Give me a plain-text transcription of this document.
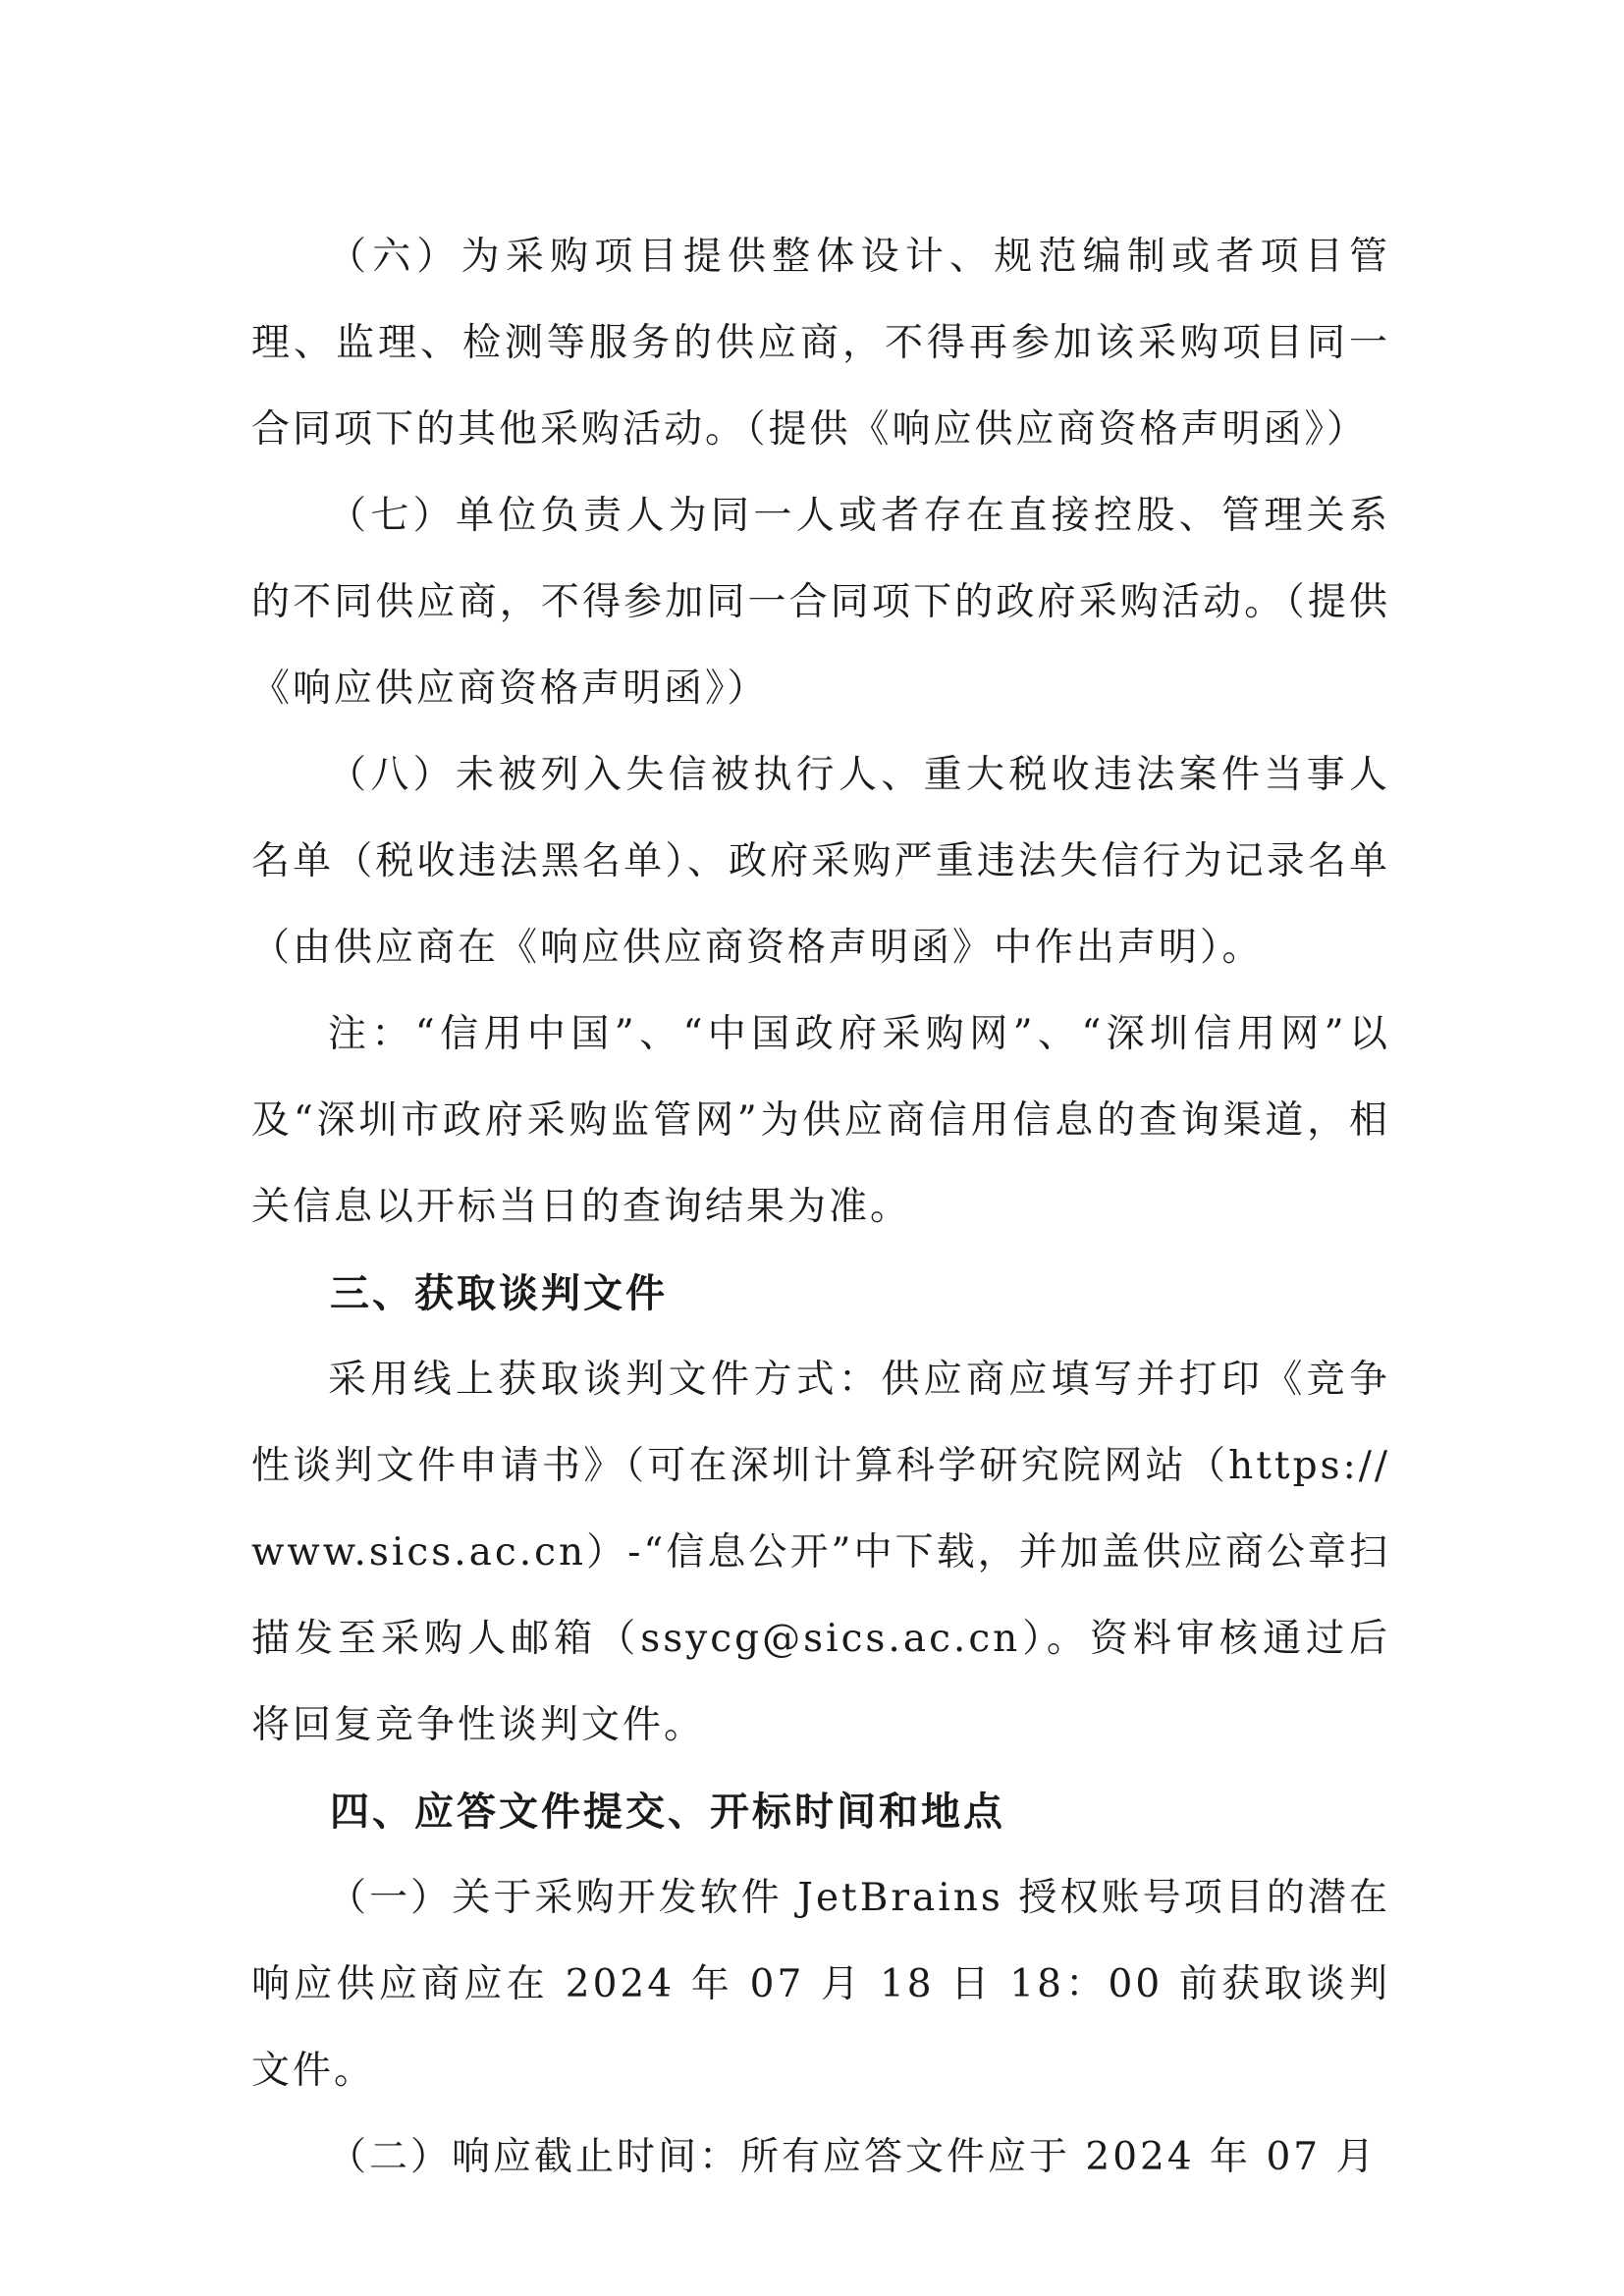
（六）为采购项目提供整体设计、规范编制或者项目管理、监理、检测等服务的供应商，不得再参加该采购项目同一合同项下的其他采购活动。（提供《响应供应商资格声明函》）

（七）单位负责人为同一人或者存在直接控股、管理关系的不同供应商，不得参加同一合同项下的政府采购活动。（提供《响应供应商资格声明函》）

（八）未被列入失信被执行人、重大税收违法案件当事人名单（税收违法黑名单）、政府采购严重违法失信行为记录名单（由供应商在《响应供应商资格声明函》中作出声明）。

注：“信用中国”、“中国政府采购网”、“深圳信用网”以及“深圳市政府采购监管网”为供应商信用信息的查询渠道，相关信息以开标当日的查询结果为准。

三、获取谈判文件

采用线上获取谈判文件方式：供应商应填写并打印《竞争性谈判文件申请书》（可在深圳计算科学研究院网站（https://www.sics.ac.cn）-“信息公开”中下载，并加盖供应商公章扫描发至采购人邮箱（ssycg@sics.ac.cn）。资料审核通过后将回复竞争性谈判文件。

四、应答文件提交、开标时间和地点

（一）关于采购开发软件 JetBrains 授权账号项目的潜在响应供应商应在 2024 年 07 月 18 日 18：00 前获取谈判文件。

（二）响应截止时间：所有应答文件应于 2024 年 07 月
